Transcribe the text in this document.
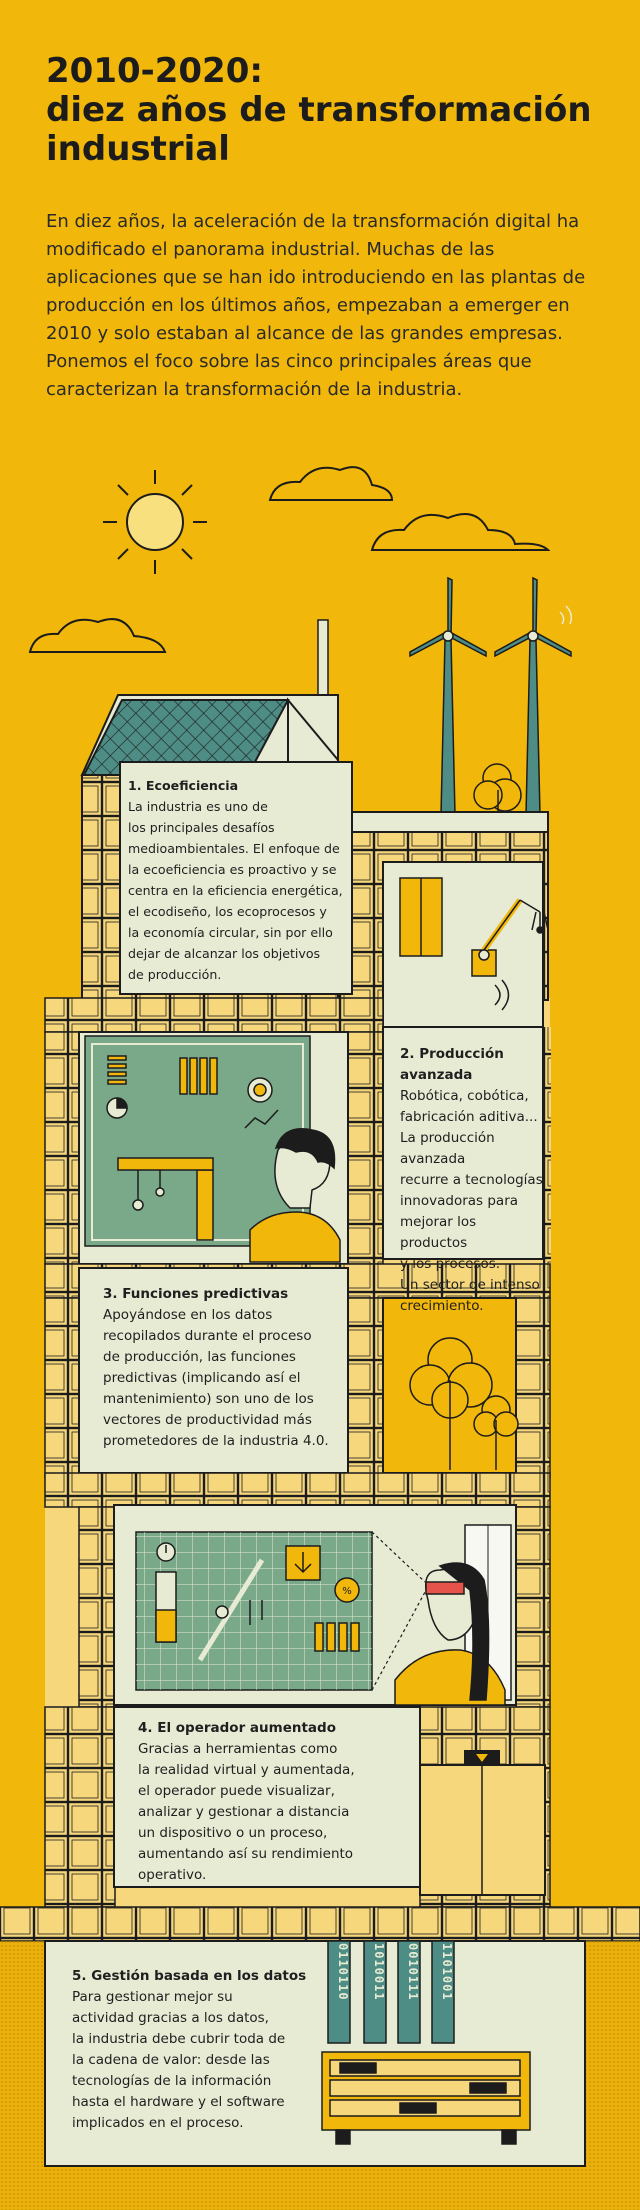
2010-2020:
diez años de transformación
industrial

En diez años, la aceleración de la transformación digital ha modificado el panorama industrial. Muchas de las aplicaciones que se han ido introduciendo en las plantas de producción en los últimos años, empezaban a emerger en 2010 y solo estaban al alcance de las grandes empresas. Ponemos el foco sobre las cinco principales áreas que caracterizan la transformación de la industria.

%
0110110	1010011	0010111	1101001
1. Ecoeficiencia
La industria es uno de
los principales desafíos
medioambientales. El enfoque de
la ecoeficiencia es proactivo y se
centra en la eficiencia energética,
el ecodiseño, los ecoprocesos y
la economía circular, sin por ello
dejar de alcanzar los objetivos
de producción.
2. Producción avanzada
Robótica, cobótica,
fabricación aditiva...
La producción avanzada
recurre a tecnologías
innovadoras para
mejorar los productos
y los procesos.
Un sector de intenso
crecimiento.
3. Funciones predictivas
Apoyándose en los datos
recopilados durante el proceso
de producción, las funciones
predictivas (implicando así el
mantenimiento) son uno de los
vectores de productividad más
prometedores de la industria 4.0.
4. El operador aumentado
Gracias a herramientas como
la realidad virtual y aumentada,
el operador puede visualizar,
analizar y gestionar a distancia
un dispositivo o un proceso,
aumentando así su rendimiento
operativo.
5. Gestión basada en los datos
Para gestionar mejor su
actividad gracias a los datos,
la industria debe cubrir toda de
la cadena de valor: desde las
tecnologías de la información
hasta el hardware y el software
implicados en el proceso.
